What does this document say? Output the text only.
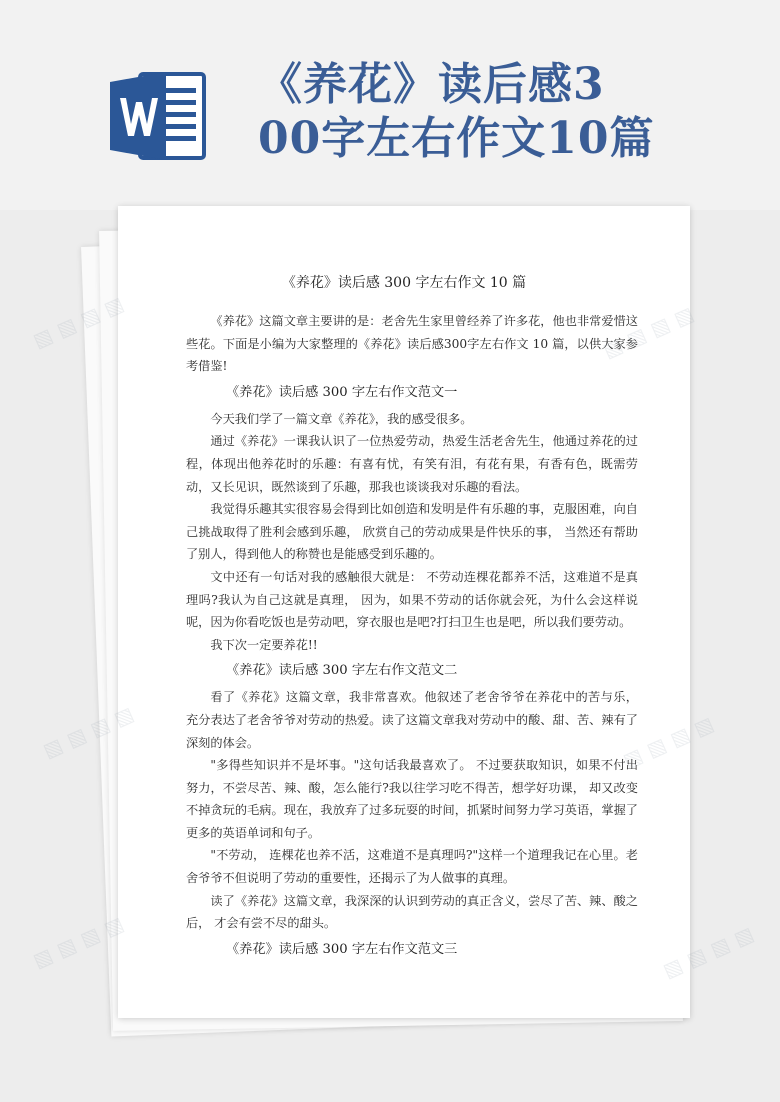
《养花》读后感3
00字左右作文10篇
《养花》读后感 300 字左右作文 10 篇

《养花》这篇文章主要讲的是：老舍先生家里曾经养了许多花，他也非常爱惜这些花。下面是小编为大家整理的《养花》读后感300字左右作文 10 篇，以供大家参考借鉴!

《养花》读后感 300 字左右作文范文一

今天我们学了一篇文章《养花》，我的感受很多。

通过《养花》一课我认识了一位热爱劳动，热爱生活老舍先生，他通过养花的过程，体现出他养花时的乐趣：有喜有忧，有笑有泪，有花有果，有香有色，既需劳动，又长见识，既然谈到了乐趣，那我也谈谈我对乐趣的看法。

我觉得乐趣其实很容易会得到比如创造和发明是件有乐趣的事，克服困难，向自己挑战取得了胜利会感到乐趣， 欣赏自己的劳动成果是件快乐的事， 当然还有帮助了别人，得到他人的称赞也是能感受到乐趣的。

文中还有一句话对我的感触很大就是： 不劳动连棵花都养不活，这难道不是真理吗?我认为自己这就是真理， 因为，如果不劳动的话你就会死，为什么会这样说呢，因为你看吃饭也是劳动吧，穿衣服也是吧?打扫卫生也是吧，所以我们要劳动。

我下次一定要养花!!

《养花》读后感 300 字左右作文范文二

看了《养花》这篇文章，我非常喜欢。他叙述了老舍爷爷在养花中的苦与乐， 充分表达了老舍爷爷对劳动的热爱。读了这篇文章我对劳动中的酸、甜、苦、辣有了深刻的体会。

"多得些知识并不是坏事。"这句话我最喜欢了。 不过要获取知识，如果不付出努力，不尝尽苦、辣、酸，怎么能行?我以往学习吃不得苦，想学好功课， 却又改变不掉贪玩的毛病。现在，我放弃了过多玩耍的时间，抓紧时间努力学习英语，掌握了更多的英语单词和句子。

"不劳动， 连棵花也养不活，这难道不是真理吗?"这样一个道理我记在心里。老舍爷爷不但说明了劳动的重要性，还揭示了为人做事的真理。

读了《养花》这篇文章，我深深的认识到劳动的真正含义，尝尽了苦、辣、酸之后， 才会有尝不尽的甜头。

《养花》读后感 300 字左右作文范文三
▧ ▧ ▧ ▧
▧ ▧ ▧ ▧	▧
▧ ▧ ▧ ▧	▧ ▧ ▧ ▧
